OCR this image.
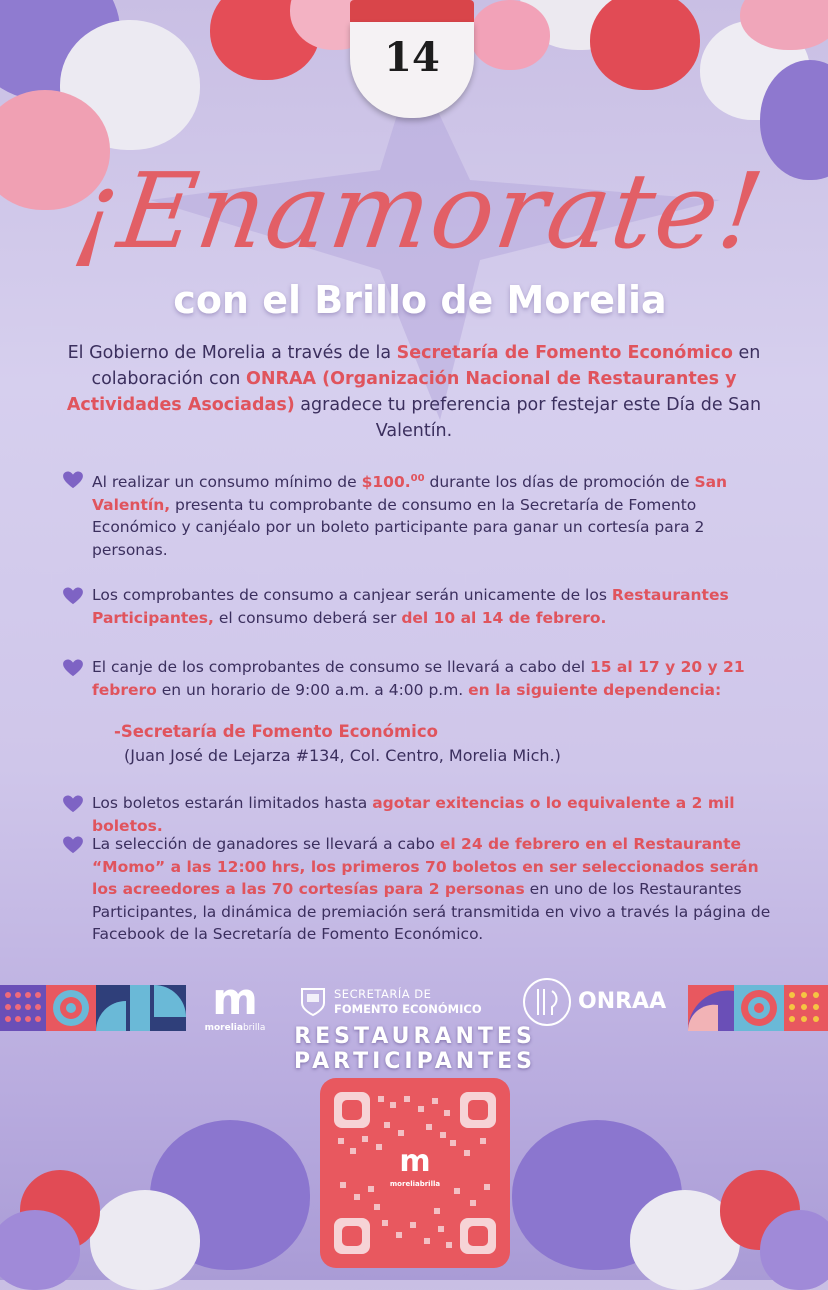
14
¡Enamorate!
con el Brillo de Morelia
El Gobierno de Morelia a través de la Secretaría de Fomento Económico en colaboración con ONRAA (Organización Nacional de Restaurantes y Actividades Asociadas) agradece tu preferencia por festejar este Día de San Valentín.
Al realizar un consumo mínimo de $100.00 durante los días de promoción de San Valentín, presenta tu comprobante de consumo en la Secretaría de Fomento Económico y canjéalo por un boleto participante para ganar un cortesía para 2 personas.
Los comprobantes de consumo a canjear serán unicamente de los Restaurantes Participantes, el consumo deberá ser del 10 al 14 de febrero.
El canje de los comprobantes de consumo se llevará a cabo del 15 al 17 y 20 y 21 febrero en un horario de 9:00 a.m. a 4:00 p.m. en la siguiente dependencia:
-Secretaría de Fomento Económico
(Juan José de Lejarza #134, Col. Centro, Morelia Mich.)
Los boletos estarán limitados hasta agotar exitencias o lo equivalente a 2 mil boletos.
La selección de ganadores se llevará a cabo el 24 de febrero en el Restaurante “Momo” a las 12:00 hrs, los primeros 70 boletos en ser seleccionados serán los acreedores a las 70 cortesías para 2 personas en uno de los Restaurantes Participantes, la dinámica de premiación será transmitida en vivo a través la página de Facebook de la Secretaría de Fomento Económico.
m
moreliabrilla
SECRETARÍA DE
FOMENTO ECONÓMICO	ONRAA
RESTAURANTES
PARTICIPANTES
m
moreliabrilla
